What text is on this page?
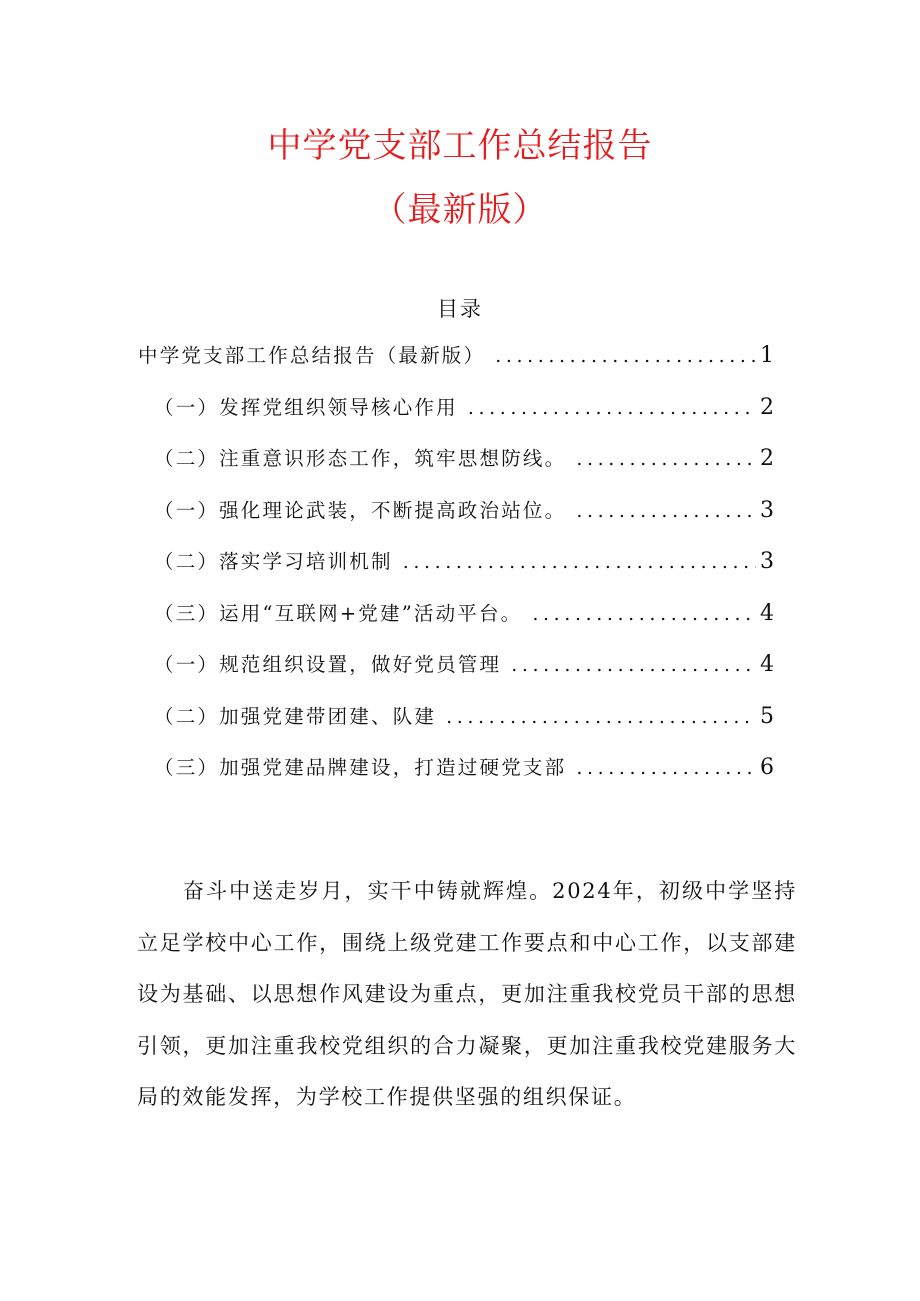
中学党支部工作总结报告
（最新版）
目录
中学党支部工作总结报告（最新版） .....	1
（一）发挥党组织领导核心作用 .....	2
（二）注重意识形态工作，筑牢思想防线。 .....	2
（一）强化理论武装，不断提高政治站位。 .....	3
（二）落实学习培训机制 .....	3
（三）运用“互联网+党建”活动平台。 .....	4
（一）规范组织设置，做好党员管理 .....	4
（二）加强党建带团建、队建 .....	5
（三）加强党建品牌建设，打造过硬党支部 .....	6

奋斗中送走岁月，实干中铸就辉煌。2024年，初级中学坚持立足学校中心工作，围绕上级党建工作要点和中心工作，以支部建设为基础、以思想作风建设为重点，更加注重我校党员干部的思想引领，更加注重我校党组织的合力凝聚，更加注重我校党建服务大局的效能发挥，为学校工作提供坚强的组织保证。
